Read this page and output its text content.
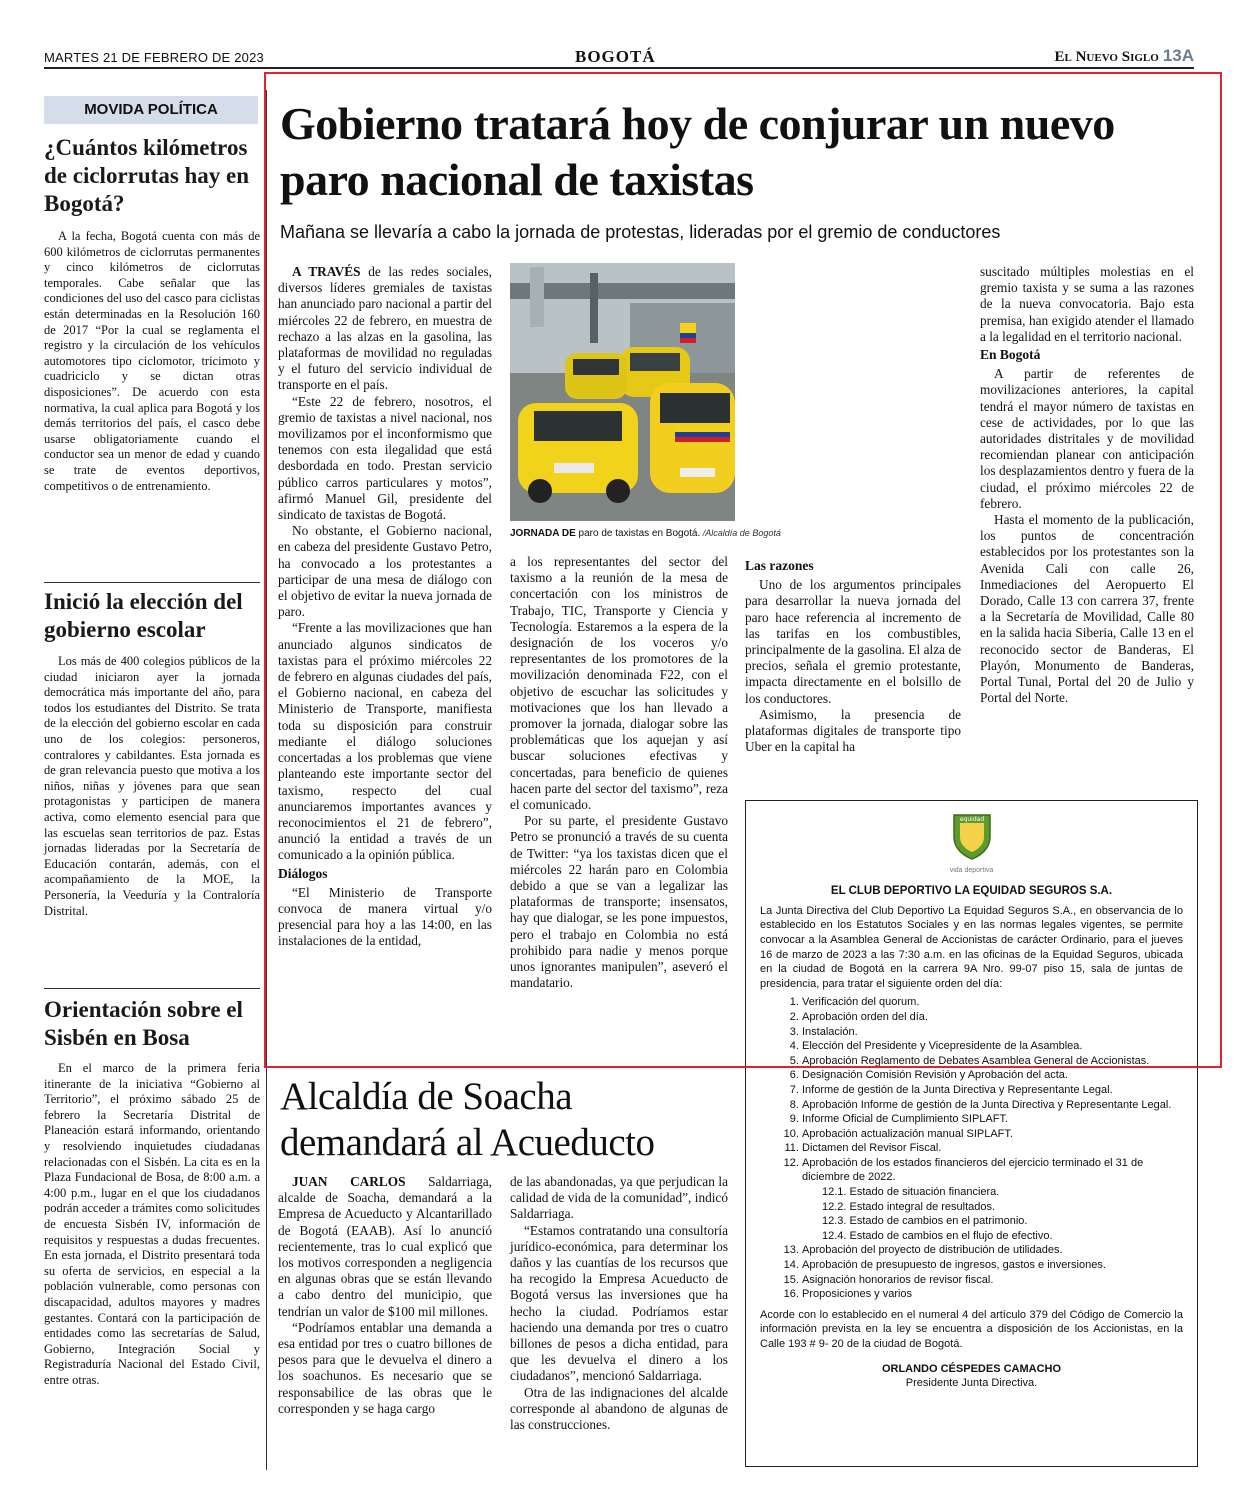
MARTES 21 DE FEBRERO DE 2023	BOGOTÁ	El Nuevo Siglo 13A
MOVIDA POLÍTICA
¿Cuántos kilómetros de ciclorrutas hay en Bogotá?

A la fecha, Bogotá cuenta con más de 600 kilómetros de ciclorrutas permanentes y cinco kilómetros de ciclorrutas temporales. Cabe señalar que las condiciones del uso del casco para ciclistas están determinadas en la Resolución 160 de 2017 “Por la cual se reglamenta el registro y la circulación de los vehículos automotores tipo ciclomotor, tricimoto y cuadriciclo y se dictan otras disposiciones”. De acuerdo con esta normativa, la cual aplica para Bogotá y los demás territorios del país, el casco debe usarse obligatoriamente cuando el conductor sea un menor de edad y cuando se trate de eventos deportivos, competitivos o de entrenamiento.

Inició la elección del gobierno escolar

Los más de 400 colegios públicos de la ciudad iniciaron ayer la jornada democrática más importante del año, para todos los estudiantes del Distrito. Se trata de la elección del gobierno escolar en cada uno de los colegios: personeros, contralores y cabildantes. Esta jornada es de gran relevancia puesto que motiva a los niños, niñas y jóvenes para que sean protagonistas y participen de manera activa, como elemento esencial para que las escuelas sean territorios de paz. Estas jornadas lideradas por la Secretaría de Educación contarán, además, con el acompañamiento de la MOE, la Personería, la Veeduría y la Contraloría Distrital.

Orientación sobre el Sisbén en Bosa

En el marco de la primera feria itinerante de la iniciativa “Gobierno al Territorio”, el próximo sábado 25 de febrero la Secretaría Distrital de Planeación estará informando, orientando y resolviendo inquietudes ciudadanas relacionadas con el Sisbén. La cita es en la Plaza Fundacional de Bosa, de 8:00 a.m. a 4:00 p.m., lugar en el que los ciudadanos podrán acceder a trámites como solicitudes de encuesta Sisbén IV, información de requisitos y respuestas a dudas frecuentes. En esta jornada, el Distrito presentará toda su oferta de servicios, en especial a la población vulnerable, como personas con discapacidad, adultos mayores y madres gestantes. Contará con la participación de entidades como las secretarías de Salud, Gobierno, Integración Social y Registraduría Nacional del Estado Civil, entre otras.

Gobierno tratará hoy de conjurar un nuevo paro nacional de taxistas
Mañana se llevaría a cabo la jornada de protestas, lideradas por el gremio de conductores

A TRAVÉS de las redes sociales, diversos líderes gremiales de taxistas han anunciado paro nacional a partir del miércoles 22 de febrero, en muestra de rechazo a las alzas en la gasolina, las plataformas de movilidad no reguladas y el futuro del servicio individual de transporte en el país.

“Este 22 de febrero, nosotros, el gremio de taxistas a nivel nacional, nos movilizamos por el inconformismo que tenemos con esta ilegalidad que está desbordada en todo. Prestan servicio público carros particulares y motos”, afirmó Manuel Gil, presidente del sindicato de taxistas de Bogotá.

No obstante, el Gobierno nacional, en cabeza del presidente Gustavo Petro, ha convocado a los protestantes a participar de una mesa de diálogo con el objetivo de evitar la nueva jornada de paro.

“Frente a las movilizaciones que han anunciado algunos sindicatos de taxistas para el próximo miércoles 22 de febrero en algunas ciudades del país, el Gobierno nacional, en cabeza del Ministerio de Transporte, manifiesta toda su disposición para construir mediante el diálogo soluciones concertadas a los problemas que viene planteando este importante sector del taxismo, respecto del cual anunciaremos importantes avances y reconocimientos el 21 de febrero”, anunció la entidad a través de un comunicado a la opinión pública.

Diálogos

“El Ministerio de Transporte convoca de manera virtual y/o presencial para hoy a las 14:00, en las instalaciones de la entidad,

JORNADA DE paro de taxistas en Bogotá. /Alcaldía de Bogotá

a los representantes del sector del taxismo a la reunión de la mesa de concertación con los ministros de Trabajo, TIC, Transporte y Ciencia y Tecnología. Estaremos a la espera de la designación de los voceros y/o representantes de los promotores de la movilización denominada F22, con el objetivo de escuchar las solicitudes y motivaciones que los han llevado a promover la jornada, dialogar sobre las problemáticas que los aquejan y así buscar soluciones efectivas y concertadas, para beneficio de quienes hacen parte del sector del taxismo”, reza el comunicado.

Por su parte, el presidente Gustavo Petro se pronunció a través de su cuenta de Twitter: “ya los taxistas dicen que el miércoles 22 harán paro en Colombia debido a que se van a legalizar las plataformas de transporte; insensatos, hay que dialogar, se les pone impuestos, pero el trabajo en Colombia no está prohibido para nadie y menos porque unos ignorantes manipulen”, aseveró el mandatario.

Las razones

Uno de los argumentos principales para desarrollar la nueva jornada del paro hace referencia al incremento de las tarifas en los combustibles, principalmente de la gasolina. El alza de precios, señala el gremio protestante, impacta directamente en el bolsillo de los conductores.

Asimismo, la presencia de plataformas digitales de transporte tipo Uber en la capital ha

suscitado múltiples molestias en el gremio taxista y se suma a las razones de la nueva convocatoria. Bajo esta premisa, han exigido atender el llamado a la legalidad en el territorio nacional.

En Bogotá

A partir de referentes de movilizaciones anteriores, la capital tendrá el mayor número de taxistas en cese de actividades, por lo que las autoridades distritales y de movilidad recomiendan planear con anticipación los desplazamientos dentro y fuera de la ciudad, el próximo miércoles 22 de febrero.

Hasta el momento de la publicación, los puntos de concentración establecidos por los protestantes son la Avenida Cali con calle 26, Inmediaciones del Aeropuerto El Dorado, Calle 13 con carrera 37, frente a la Secretaría de Movilidad, Calle 80 en la salida hacia Siberia, Calle 13 en el reconocido sector de Banderas, El Playón, Monumento de Banderas, Portal Tunal, Portal del 20 de Julio y Portal del Norte.

equidad
vida deportiva
EL CLUB DEPORTIVO LA EQUIDAD SEGUROS S.A.
La Junta Directiva del Club Deportivo La Equidad Seguros S.A., en observancia de lo establecido en los Estatutos Sociales y en las normas legales vigentes, se permite convocar a la Asamblea General de Accionistas de carácter Ordinario, para el jueves 16 de marzo de 2023 a las 7:30 a.m. en las oficinas de la Equidad Seguros, ubicada en la ciudad de Bogotá en la carrera 9A Nro. 99-07 piso 15, sala de juntas de presidencia, para tratar el siguiente orden del día:
1. Verificación del quorum.
2. Aprobación orden del día.
3. Instalación.
4. Elección del Presidente y Vicepresidente de la Asamblea.
5. Aprobación Reglamento de Debates Asamblea General de Accionistas.
6. Designación Comisión Revisión y Aprobación del acta.
7. Informe de gestión de la Junta Directiva y Representante Legal.
8. Aprobación Informe de gestión de la Junta Directiva y Representante Legal.
9. Informe Oficial de Cumplimiento SIPLAFT.
10. Aprobación actualización manual SIPLAFT.
11. Dictamen del Revisor Fiscal.
12. Aprobación de los estados financieros del ejercicio terminado el 31 de diciembre de 2022.
12.1. Estado de situación financiera.
12.2. Estado integral de resultados.
12.3. Estado de cambios en el patrimonio.
12.4. Estado de cambios en el flujo de efectivo.
13. Aprobación del proyecto de distribución de utilidades.
14. Aprobación de presupuesto de ingresos, gastos e inversiones.
15. Asignación honorarios de revisor fiscal.
16. Proposiciones y varios
Acorde con lo establecido en el numeral 4 del artículo 379 del Código de Comercio la información prevista en la ley se encuentra a disposición de los Accionistas, en la Calle 193 # 9- 20 de la ciudad de Bogotá.
ORLANDO CÉSPEDES CAMACHO
Presidente Junta Directiva.
Alcaldía de Soacha demandará al Acueducto

JUAN CARLOS Saldarriaga, alcalde de Soacha, demandará a la Empresa de Acueducto y Alcantarillado de Bogotá (EAAB). Así lo anunció recientemente, tras lo cual explicó que los motivos corresponden a negligencia en algunas obras que se están llevando a cabo dentro del municipio, que tendrían un valor de $100 mil millones.

“Podríamos entablar una demanda a esa entidad por tres o cuatro billones de pesos para que le devuelva el dinero a los soachunos. Es necesario que se responsabilice de las obras que le corresponden y se haga cargo

de las abandonadas, ya que perjudican la calidad de vida de la comunidad”, indicó Saldarriaga.

“Estamos contratando una consultoría jurídico-económica, para determinar los daños y las cuantías de los recursos que ha recogido la Empresa Acueducto de Bogotá versus las inversiones que ha hecho la ciudad. Podríamos estar haciendo una demanda por tres o cuatro billones de pesos a dicha entidad, para que les devuelva el dinero a los ciudadanos”, mencionó Saldarriaga.

Otra de las indignaciones del alcalde corresponde al abandono de algunas de las construcciones.
